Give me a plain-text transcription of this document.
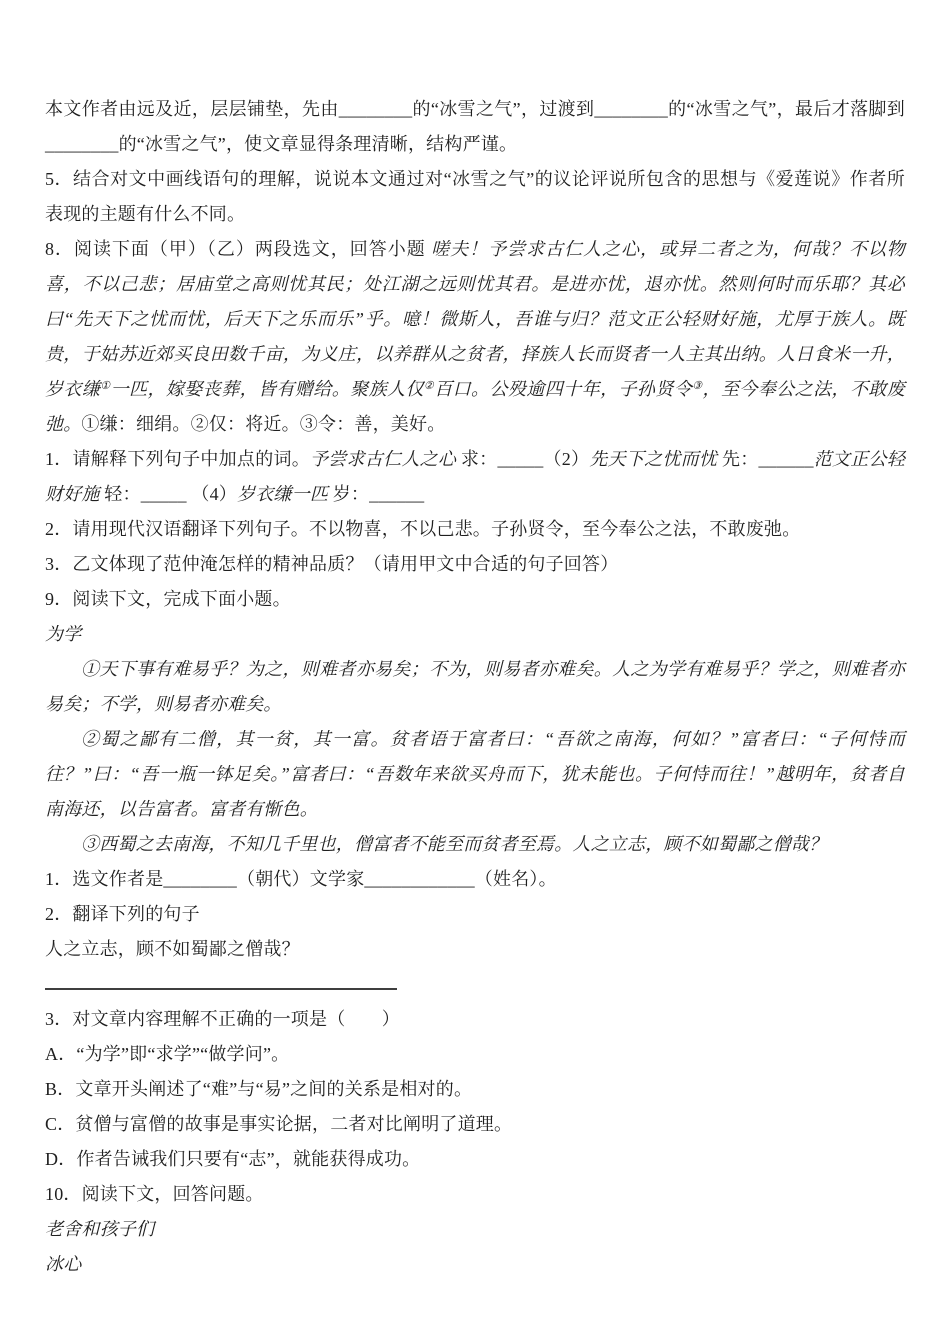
本文作者由远及近，层层铺垫，先由________的“冰雪之气”，过渡到________的“冰雪之气”，最后才落脚到________的“冰雪之气”，使文章显得条理清晰，结构严谨。

5．结合对文中画线语句的理解，说说本文通过对“冰雪之气”的议论评说所包含的思想与《爱莲说》作者所表现的主题有什么不同。

8．阅读下面（甲）（乙）两段选文，回答小题 嗟夫！予尝求古仁人之心，或异二者之为，何哉？不以物喜，不以己悲；居庙堂之高则忧其民；处江湖之远则忧其君。是进亦忧，退亦忧。然则何时而乐耶？其必曰“先天下之忧而忧，后天下之乐而乐”乎。噫！微斯人，吾谁与归？范文正公轻财好施，尤厚于族人。既贵，于姑苏近郊买良田数千亩，为义庄，以养群从之贫者，择族人长而贤者一人主其出纳。人日食米一升，岁衣缣①一匹，嫁娶丧葬，皆有赠给。聚族人仅②百口。公殁逾四十年，子孙贤令③，至今奉公之法，不敢废弛。①缣：细绢。②仅：将近。③令：善，美好。

1．请解释下列句子中加点的词。予尝求古仁人之心 求：_____（2）先天下之忧而忧 先：______范文正公轻财好施 轻：_____ （4）岁衣缣一匹 岁：______

2．请用现代汉语翻译下列句子。不以物喜，不以己悲。子孙贤令，至今奉公之法，不敢废弛。

3．乙文体现了范仲淹怎样的精神品质？（请用甲文中合适的句子回答）

9．阅读下文，完成下面小题。

为学

①天下事有难易乎？为之，则难者亦易矣；不为，则易者亦难矣。人之为学有难易乎？学之，则难者亦易矣；不学，则易者亦难矣。

②蜀之鄙有二僧，其一贫，其一富。贫者语于富者曰：“吾欲之南海，何如？”富者曰：“子何恃而往？”曰：“吾一瓶一钵足矣。”富者曰：“吾数年来欲买舟而下，犹未能也。子何恃而往！”越明年，贫者自南海还，以告富者。富者有惭色。

③西蜀之去南海，不知几千里也，僧富者不能至而贫者至焉。人之立志，顾不如蜀鄙之僧哉？

1．选文作者是________（朝代）文学家____________（姓名）。

2．翻译下列的句子

人之立志，顾不如蜀鄙之僧哉？

3．对文章内容理解不正确的一项是（　　）

A．“为学”即“求学”“做学问”。

B．文章开头阐述了“难”与“易”之间的关系是相对的。

C．贫僧与富僧的故事是事实论据，二者对比阐明了道理。

D．作者告诫我们只要有“志”，就能获得成功。

10．阅读下文，回答问题。

老舍和孩子们

冰心
